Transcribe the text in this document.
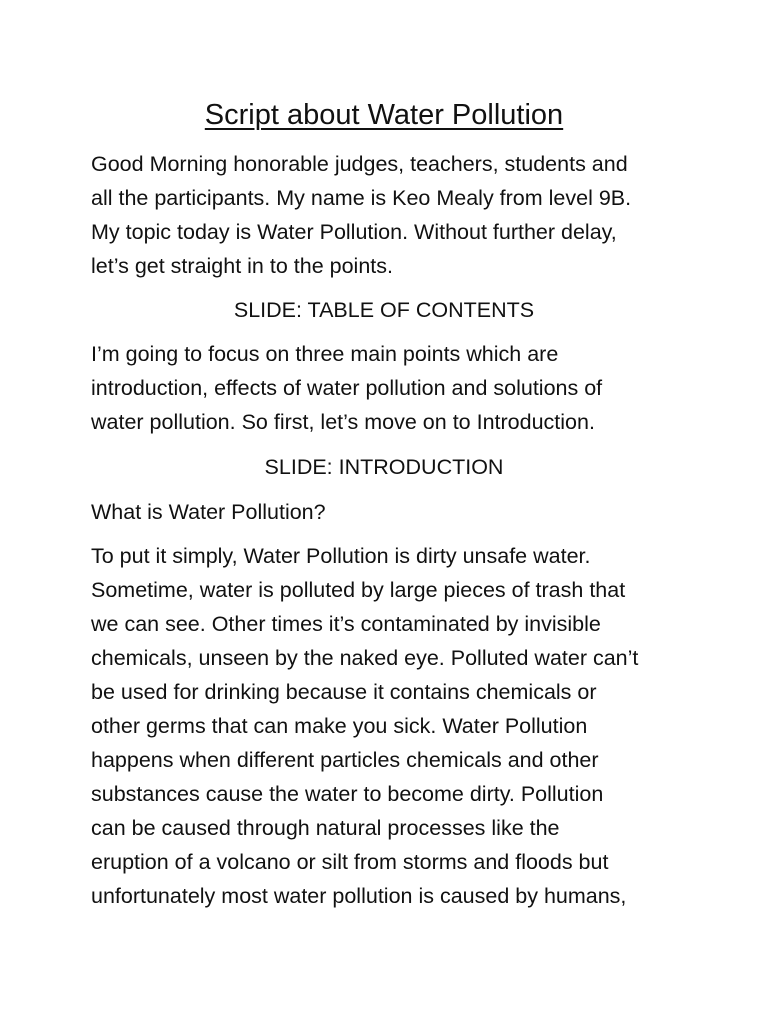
Script about Water Pollution

Good Morning honorable judges, teachers, students and
all the participants. My name is Keo Mealy from level 9B.
My topic today is Water Pollution. Without further delay,
let’s get straight in to the points.

SLIDE: TABLE OF CONTENTS

I’m going to focus on three main points which are
introduction, effects of water pollution and solutions of
water pollution. So first, let’s move on to Introduction.

SLIDE: INTRODUCTION

What is Water Pollution?

To put it simply, Water Pollution is dirty unsafe water.
Sometime, water is polluted by large pieces of trash that
we can see. Other times it’s contaminated by invisible
chemicals, unseen by the naked eye. Polluted water can’t
be used for drinking because it contains chemicals or
other germs that can make you sick. Water Pollution
happens when different particles chemicals and other
substances cause the water to become dirty. Pollution
can be caused through natural processes like the
eruption of a volcano or silt from storms and floods but
unfortunately most water pollution is caused by humans,
